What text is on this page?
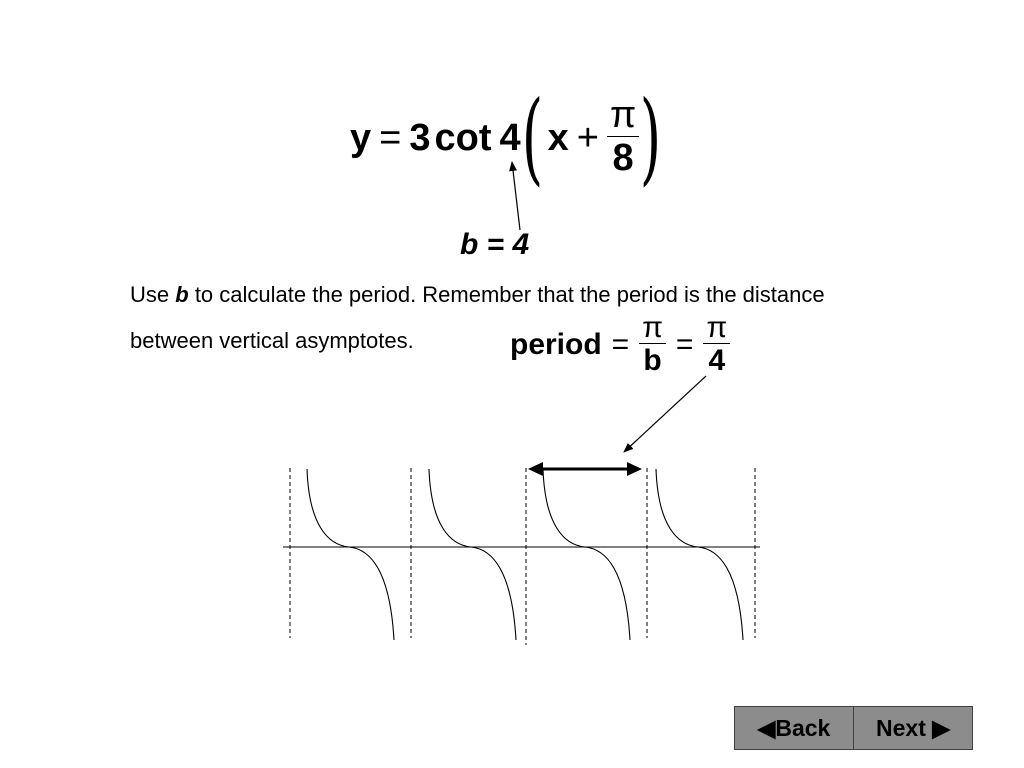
y = 3 cot 4 ( $x + \frac{\pi}{8}$ )
b = 4
Use b to calculate the period. Remember that the period is the distance
between vertical asymptotes.	period = $\frac{\pi}{b} = \frac{\pi}{4}$
◀Back	Next ▶
